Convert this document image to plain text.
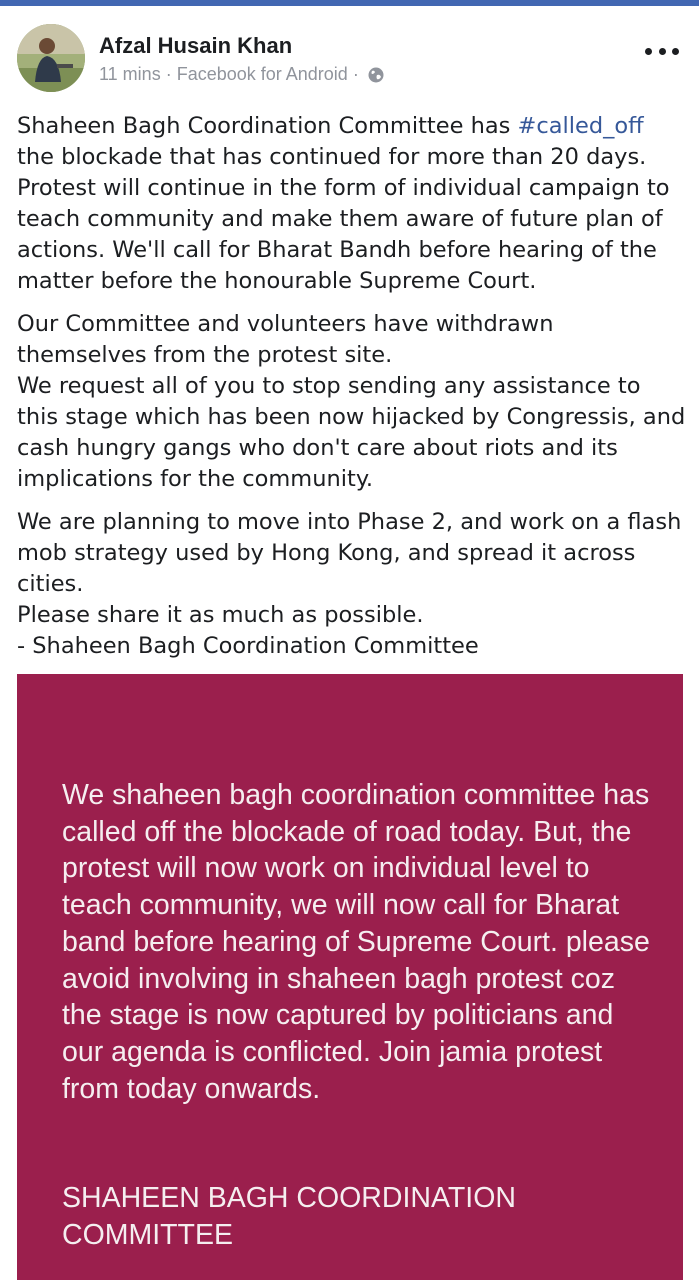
Afzal Husain Khan
11 mins · Facebook for Android ·

Shaheen Bagh Coordination Committee has #called_off the blockade that has continued for more than 20 days. Protest will continue in the form of individual campaign to teach community and make them aware of future plan of actions. We'll call for Bharat Bandh before hearing of the matter before the honourable Supreme Court.

Our Committee and volunteers have withdrawn themselves from the protest site.
We request all of you to stop sending any assistance to this stage which has been now hijacked by Congressis, and cash hungry gangs who don't care about riots and its implications for the community.

We are planning to move into Phase 2, and work on a flash mob strategy used by Hong Kong, and spread it across cities.
Please share it as much as possible.
- Shaheen Bagh Coordination Committee

We shaheen bagh coordination committee has called off the blockade of road today. But, the protest will now work on individual level to teach community, we will now call for Bharat band before hearing of Supreme Court. please avoid involving in shaheen bagh protest coz the stage is now captured by politicians and our agenda is conflicted. Join jamia protest from today onwards.
SHAHEEN BAGH COORDINATION COMMITTEE
